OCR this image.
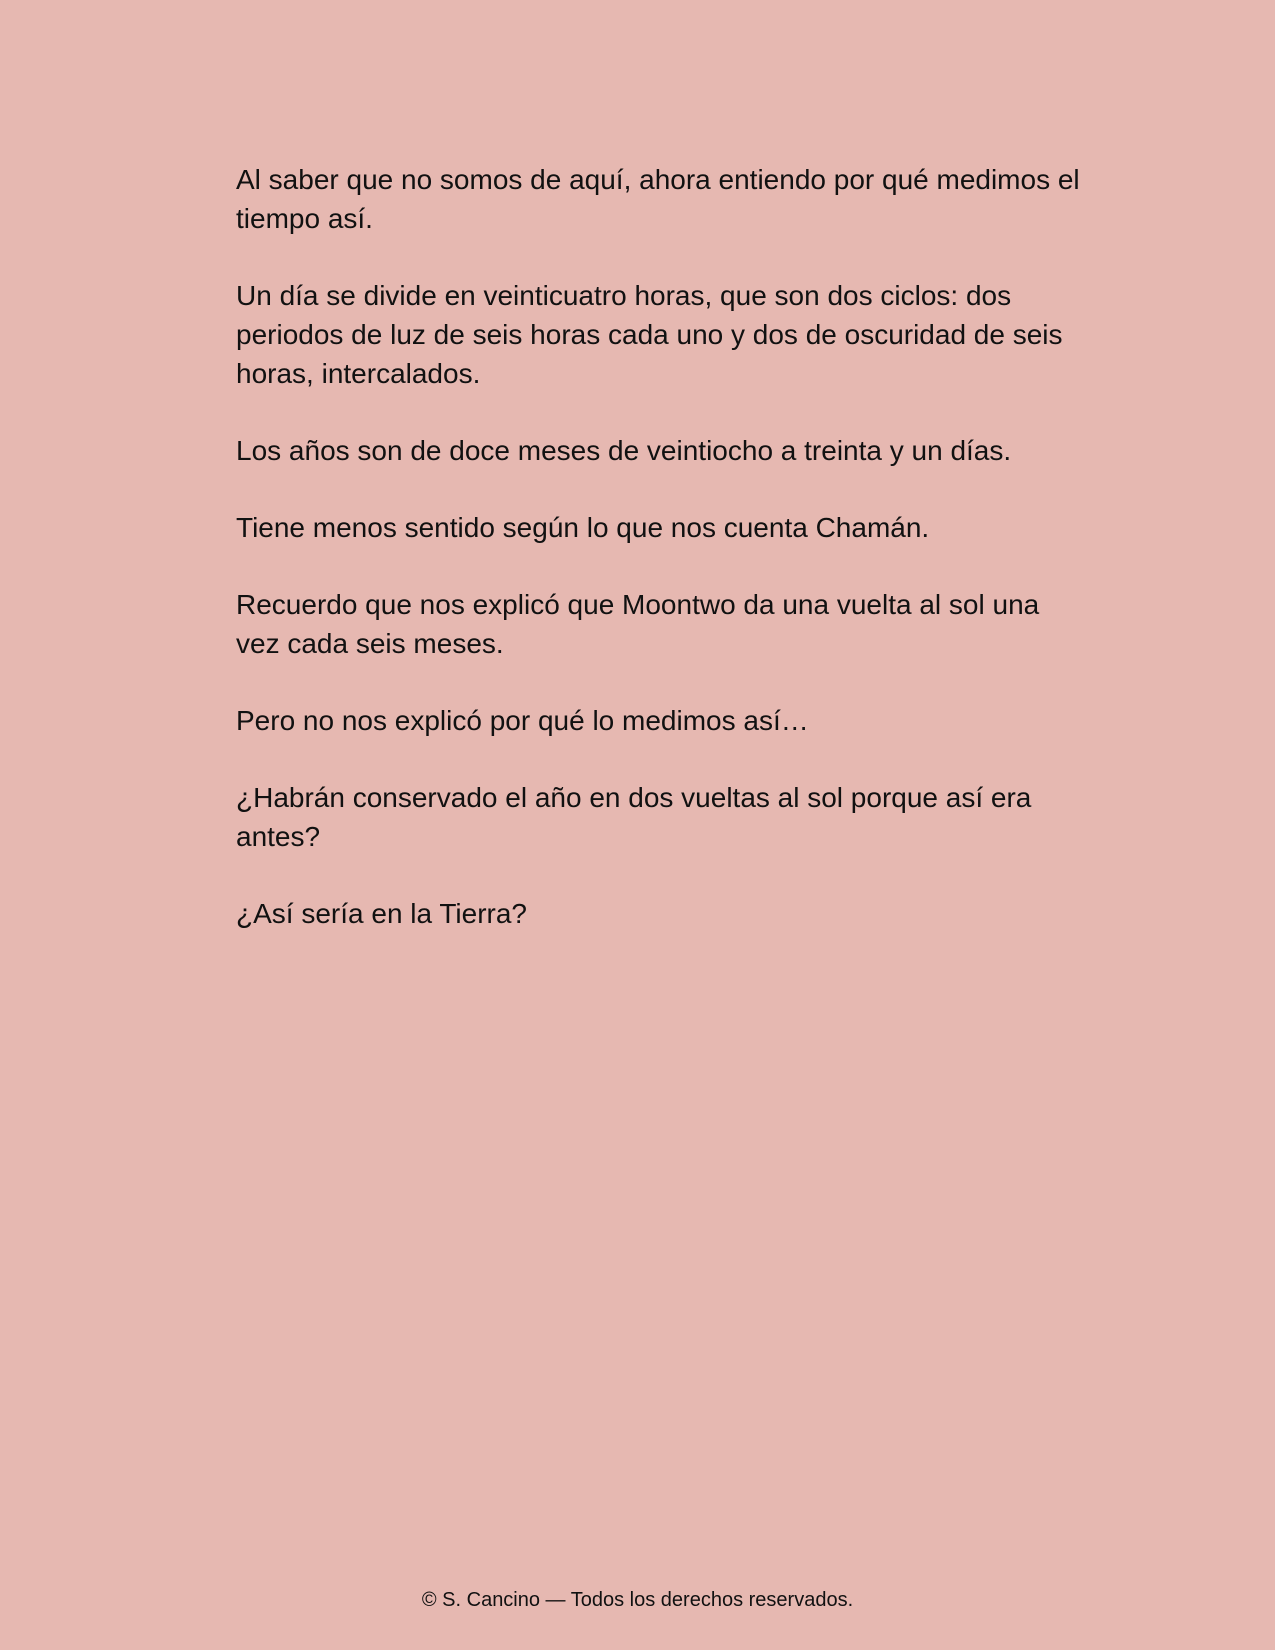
Al saber que no somos de aquí, ahora entiendo por qué medimos el
tiempo así.

Un día se divide en veinticuatro horas, que son dos ciclos: dos
periodos de luz de seis horas cada uno y dos de oscuridad de seis
horas, intercalados.

Los años son de doce meses de veintiocho a treinta y un días.

Tiene menos sentido según lo que nos cuenta Chamán.

Recuerdo que nos explicó que Moontwo da una vuelta al sol una
vez cada seis meses.

Pero no nos explicó por qué lo medimos así…

¿Habrán conservado el año en dos vueltas al sol porque así era
antes?

¿Así sería en la Tierra?

© S. Cancino — Todos los derechos reservados.
